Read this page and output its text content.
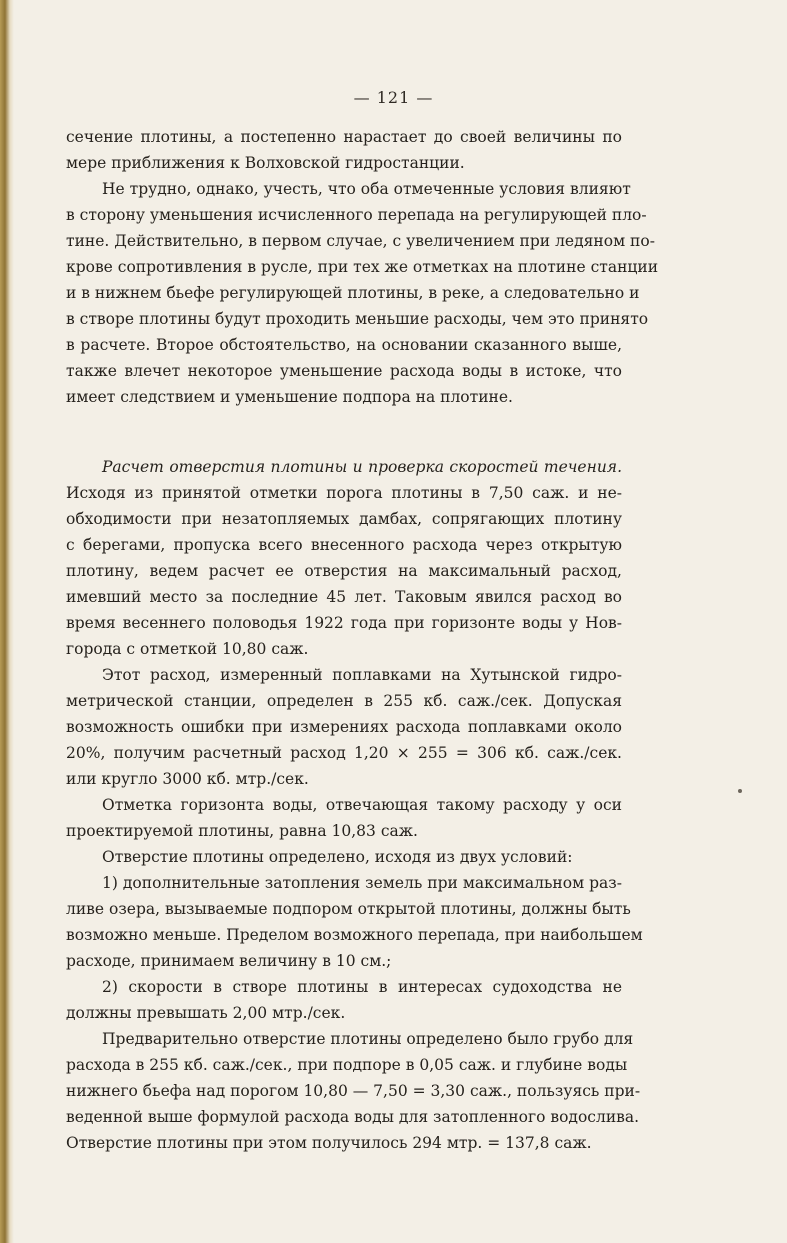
— 121 —
сечение плотины, а постепенно нарастает до своей величины по
мере приближения к Волховской гидростанции.
Не трудно, однако, учесть, что оба отмеченные условия влияют
в сторону уменьшения исчисленного перепада на регулирующей пло-
тине. Действительно, в первом случае, с увеличением при ледяном по-
крове сопротивления в русле, при тех же отметках на плотине станции
и в нижнем бьефе регулирующей плотины, в реке, а следовательно и
в створе плотины будут проходить меньшие расходы, чем это принято
в расчете. Второе обстоятельство, на основании сказанного выше,
также влечет некоторое уменьшение расхода воды в истоке, что
имеет следствием и уменьшение подпора на плотине.
Расчет отверстия плотины и проверка скоростей течения.
Исходя из принятой отметки порога плотины в 7,50 саж. и не-
обходимости при незатопляемых дамбах, сопрягающих плотину
с берегами, пропуска всего внесенного расхода через открытую
плотину, ведем расчет ее отверстия на максимальный расход,
имевший место за последние 45 лет. Таковым явился расход во
время весеннего половодья 1922 года при горизонте воды у Нов-
города с отметкой 10,80 саж.
Этот расход, измеренный поплавками на Хутынской гидро-
метрической станции, определен в 255 кб. саж./сек. Допуская
возможность ошибки при измерениях расхода поплавками около
20%, получим расчетный расход 1,20 × 255 = 306 кб. саж./сек.
или кругло 3000 кб. мтр./сек.
Отметка горизонта воды, отвечающая такому расходу у оси
проектируемой плотины, равна 10,83 саж.
Отверстие плотины определено, исходя из двух условий:
1) дополнительные затопления земель при максимальном раз-
ливе озера, вызываемые подпором открытой плотины, должны быть
возможно меньше. Пределом возможного перепада, при наибольшем
расходе, принимаем величину в 10 см.;
2) скорости в створе плотины в интересах судоходства не
должны превышать 2,00 мтр./сек.
Предварительно отверстие плотины определено было грубо для
расхода в 255 кб. саж./сек., при подпоре в 0,05 саж. и глубине воды
нижнего бьефа над порогом 10,80 — 7,50 = 3,30 саж., пользуясь при-
веденной выше формулой расхода воды для затопленного водослива.
Отверстие плотины при этом получилось 294 мтр. = 137,8 саж.
